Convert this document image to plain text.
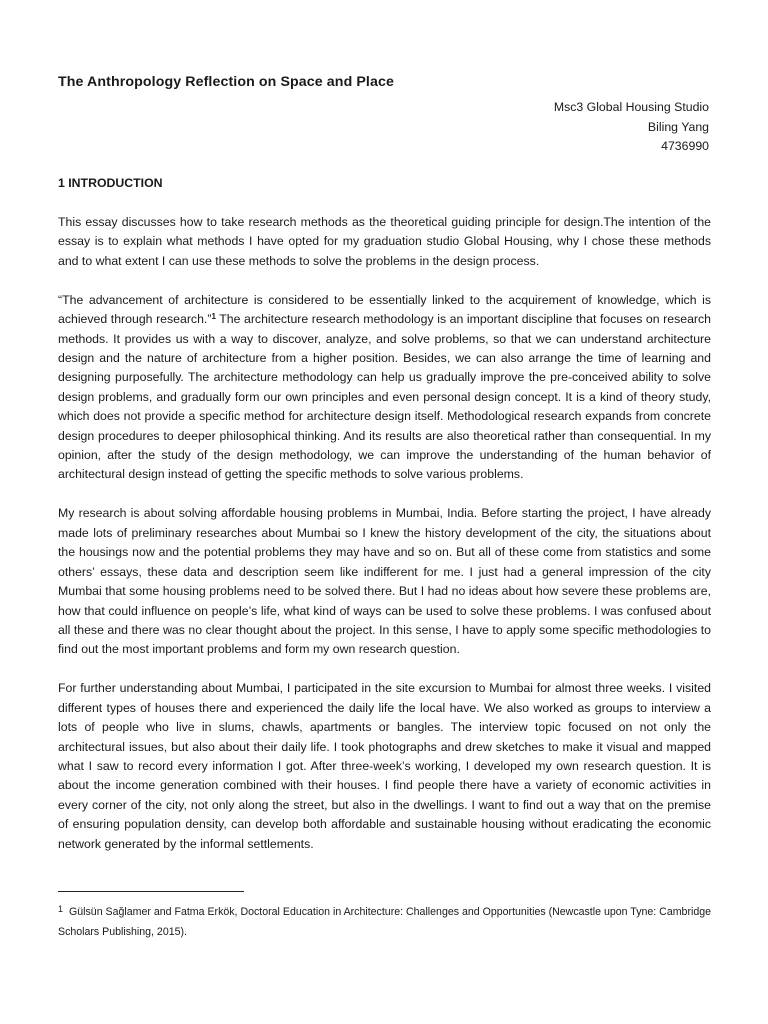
The Anthropology Reflection on Space and Place
Msc3 Global Housing Studio
Biling Yang
4736990
1 INTRODUCTION

This essay discusses how to take research methods as the theoretical guiding principle for design.The intention of the essay is to explain what methods I have opted for my graduation studio Global Housing, why I chose these methods and to what extent I can use these methods to solve the problems in the design process.

“The advancement of architecture is considered to be essentially linked to the acquirement of knowledge, which is achieved through research.”$^1$ The architecture research methodology is an important discipline that focuses on research methods. It provides us with a way to discover, analyze, and solve problems, so that we can understand architecture design and the nature of architecture from a higher position. Besides, we can also arrange the time of learning and designing purposefully. The architecture methodology can help us gradually improve the pre-conceived ability to solve design problems, and gradually form our own principles and even personal design concept. It is a kind of theory study, which does not provide a specific method for architecture design itself. Methodological research expands from concrete design procedures to deeper philosophical thinking. And its results are also theoretical rather than consequential. In my opinion, after the study of the design methodology, we can improve the understanding of the human behavior of architectural design instead of getting the specific methods to solve various problems.

My research is about solving affordable housing problems in Mumbai, India. Before starting the project, I have already made lots of preliminary researches about Mumbai so I knew the history development of the city, the situations about the housings now and the potential problems they may have and so on. But all of these come from statistics and some others’ essays, these data and description seem like indifferent for me. I just had a general impression of the city Mumbai that some housing problems need to be solved there. But I had no ideas about how severe these problems are, how that could influence on people’s life, what kind of ways can be used to solve these problems. I was confused about all these and there was no clear thought about the project. In this sense, I have to apply some specific methodologies to find out the most important problems and form my own research question.

For further understanding about Mumbai, I participated in the site excursion to Mumbai for almost three weeks. I visited different types of houses there and experienced the daily life the local have. We also worked as groups to interview a lots of people who live in slums, chawls, apartments or bangles. The interview topic focused on not only the architectural issues, but also about their daily life. I took photographs and drew sketches to make it visual and mapped what I saw to record every information I got. After three-week’s working, I developed my own research question. It is about the income generation combined with their houses. I find people there have a variety of economic activities in every corner of the city, not only along the street, but also in the dwellings. I want to find out a way that on the premise of ensuring population density, can develop both affordable and sustainable housing without eradicating the economic network generated by the informal settlements.

$^1$ Gülsün Sağlamer and Fatma Erkök, Doctoral Education in Architecture: Challenges and Opportunities (Newcastle upon Tyne: Cambridge Scholars Publishing, 2015).
